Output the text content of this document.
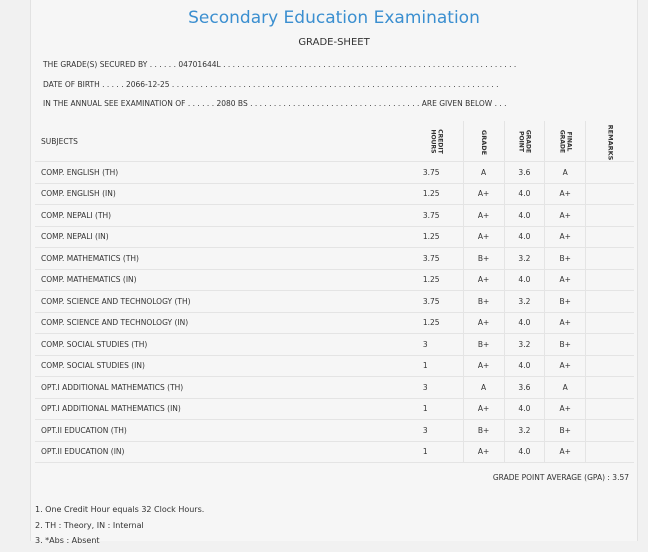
Secondary Education Examination
GRADE-SHEET
THE GRADE(S) SECURED BY . . . . . . 04701644L . . . . . . . . . . . . . . . . . . . . . . . . . . . . . . . . . . . . . . . . . . . . . . . . . . . . . . . . . . . . . .
DATE OF BIRTH . . . . . 2066-12-25 . . . . . . . . . . . . . . . . . . . . . . . . . . . . . . . . . . . . . . . . . . . . . . . . . . . . . . . . . . . . . . . . . . . . .
IN THE ANNUAL SEE EXAMINATION OF . . . . . . 2080 BS . . . . . . . . . . . . . . . . . . . . . . . . . . . . . . . . . . . . ARE GIVEN BELOW . . .
SUBJECTS	CREDIT HOURS	GRADE	GRADE POINT	FINAL GRADE	REMARKS
COMP. ENGLISH (TH)	3.75	A	3.6	A	
COMP. ENGLISH (IN)	1.25	A+	4.0	A+	
COMP. NEPALI (TH)	3.75	A+	4.0	A+	
COMP. NEPALI (IN)	1.25	A+	4.0	A+	
COMP. MATHEMATICS (TH)	3.75	B+	3.2	B+	
COMP. MATHEMATICS (IN)	1.25	A+	4.0	A+	
COMP. SCIENCE AND TECHNOLOGY (TH)	3.75	B+	3.2	B+	
COMP. SCIENCE AND TECHNOLOGY (IN)	1.25	A+	4.0	A+	
COMP. SOCIAL STUDIES (TH)	3	B+	3.2	B+	
COMP. SOCIAL STUDIES (IN)	1	A+	4.0	A+	
OPT.I ADDITIONAL MATHEMATICS (TH)	3	A	3.6	A	
OPT.I ADDITIONAL MATHEMATICS (IN)	1	A+	4.0	A+	
OPT.II EDUCATION (TH)	3	B+	3.2	B+	
OPT.II EDUCATION (IN)	1	A+	4.0	A+	
GRADE POINT AVERAGE (GPA) : 3.57
1. One Credit Hour equals 32 Clock Hours.
2. TH : Theory, IN : Internal
3. *Abs : Absent
